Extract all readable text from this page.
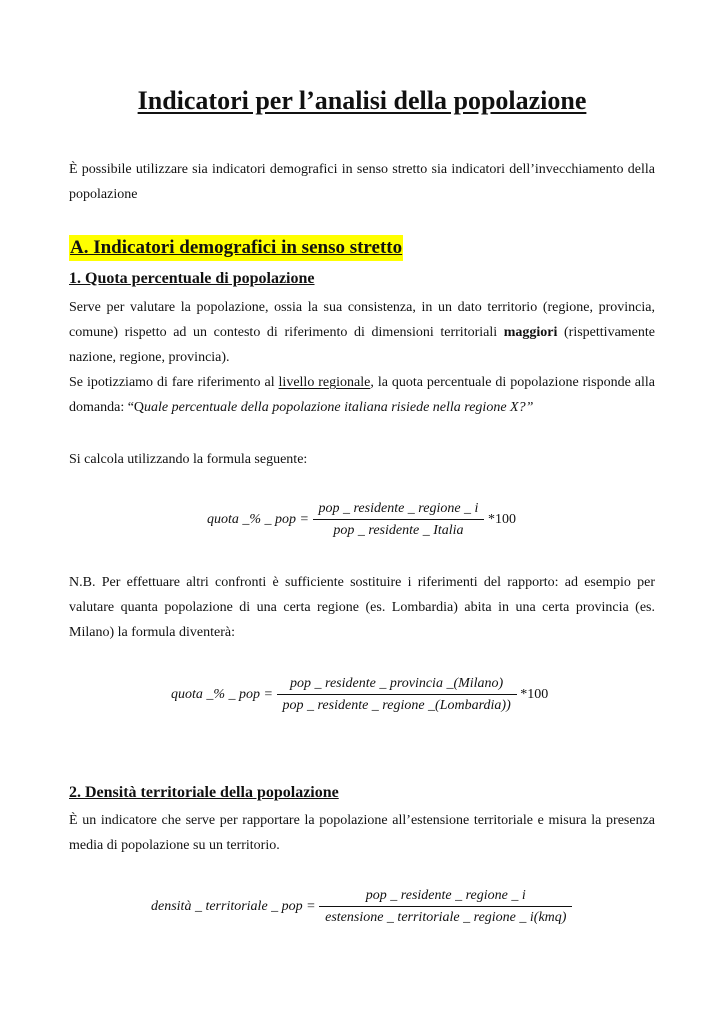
Indicatori per l’analisi della popolazione
È possibile utilizzare sia indicatori demografici in senso stretto sia indicatori dell’invecchiamento della popolazione
A. Indicatori demografici in senso stretto
1. Quota percentuale di popolazione
Serve per valutare la popolazione, ossia la sua consistenza, in un dato territorio (regione, provincia, comune) rispetto ad un contesto di riferimento di dimensioni territoriali maggiori (rispettivamente nazione, regione, provincia).
Se ipotizziamo di fare riferimento al livello regionale, la quota percentuale di popolazione risponde alla domanda: “Quale percentuale della popolazione italiana risiede nella regione X?”
Si calcola utilizzando la formula seguente:
quota _% _ pop = $\frac{\text{pop \_ residente \_ regione \_ i}}{\text{pop \_ residente \_ Italia}} *100$
N.B. Per effettuare altri confronti è sufficiente sostituire i riferimenti del rapporto: ad esempio per valutare quanta popolazione di una certa regione (es. Lombardia) abita in una certa provincia (es. Milano) la formula diventerà:
quota _% _ pop = $\frac{\text{pop \_ residente \_ provincia \_(Milano)}}{\text{pop \_ residente \_ regione \_(Lombardia))}} *100$
2. Densità territoriale della popolazione
È un indicatore che serve per rapportare la popolazione all’estensione territoriale e misura la presenza media di popolazione su un territorio.
densità _ territoriale _ pop = $\frac{\text{pop \_ residente \_ regione \_ i}}{\text{estensione \_ territoriale \_ regione \_ i(kmq)}}$
